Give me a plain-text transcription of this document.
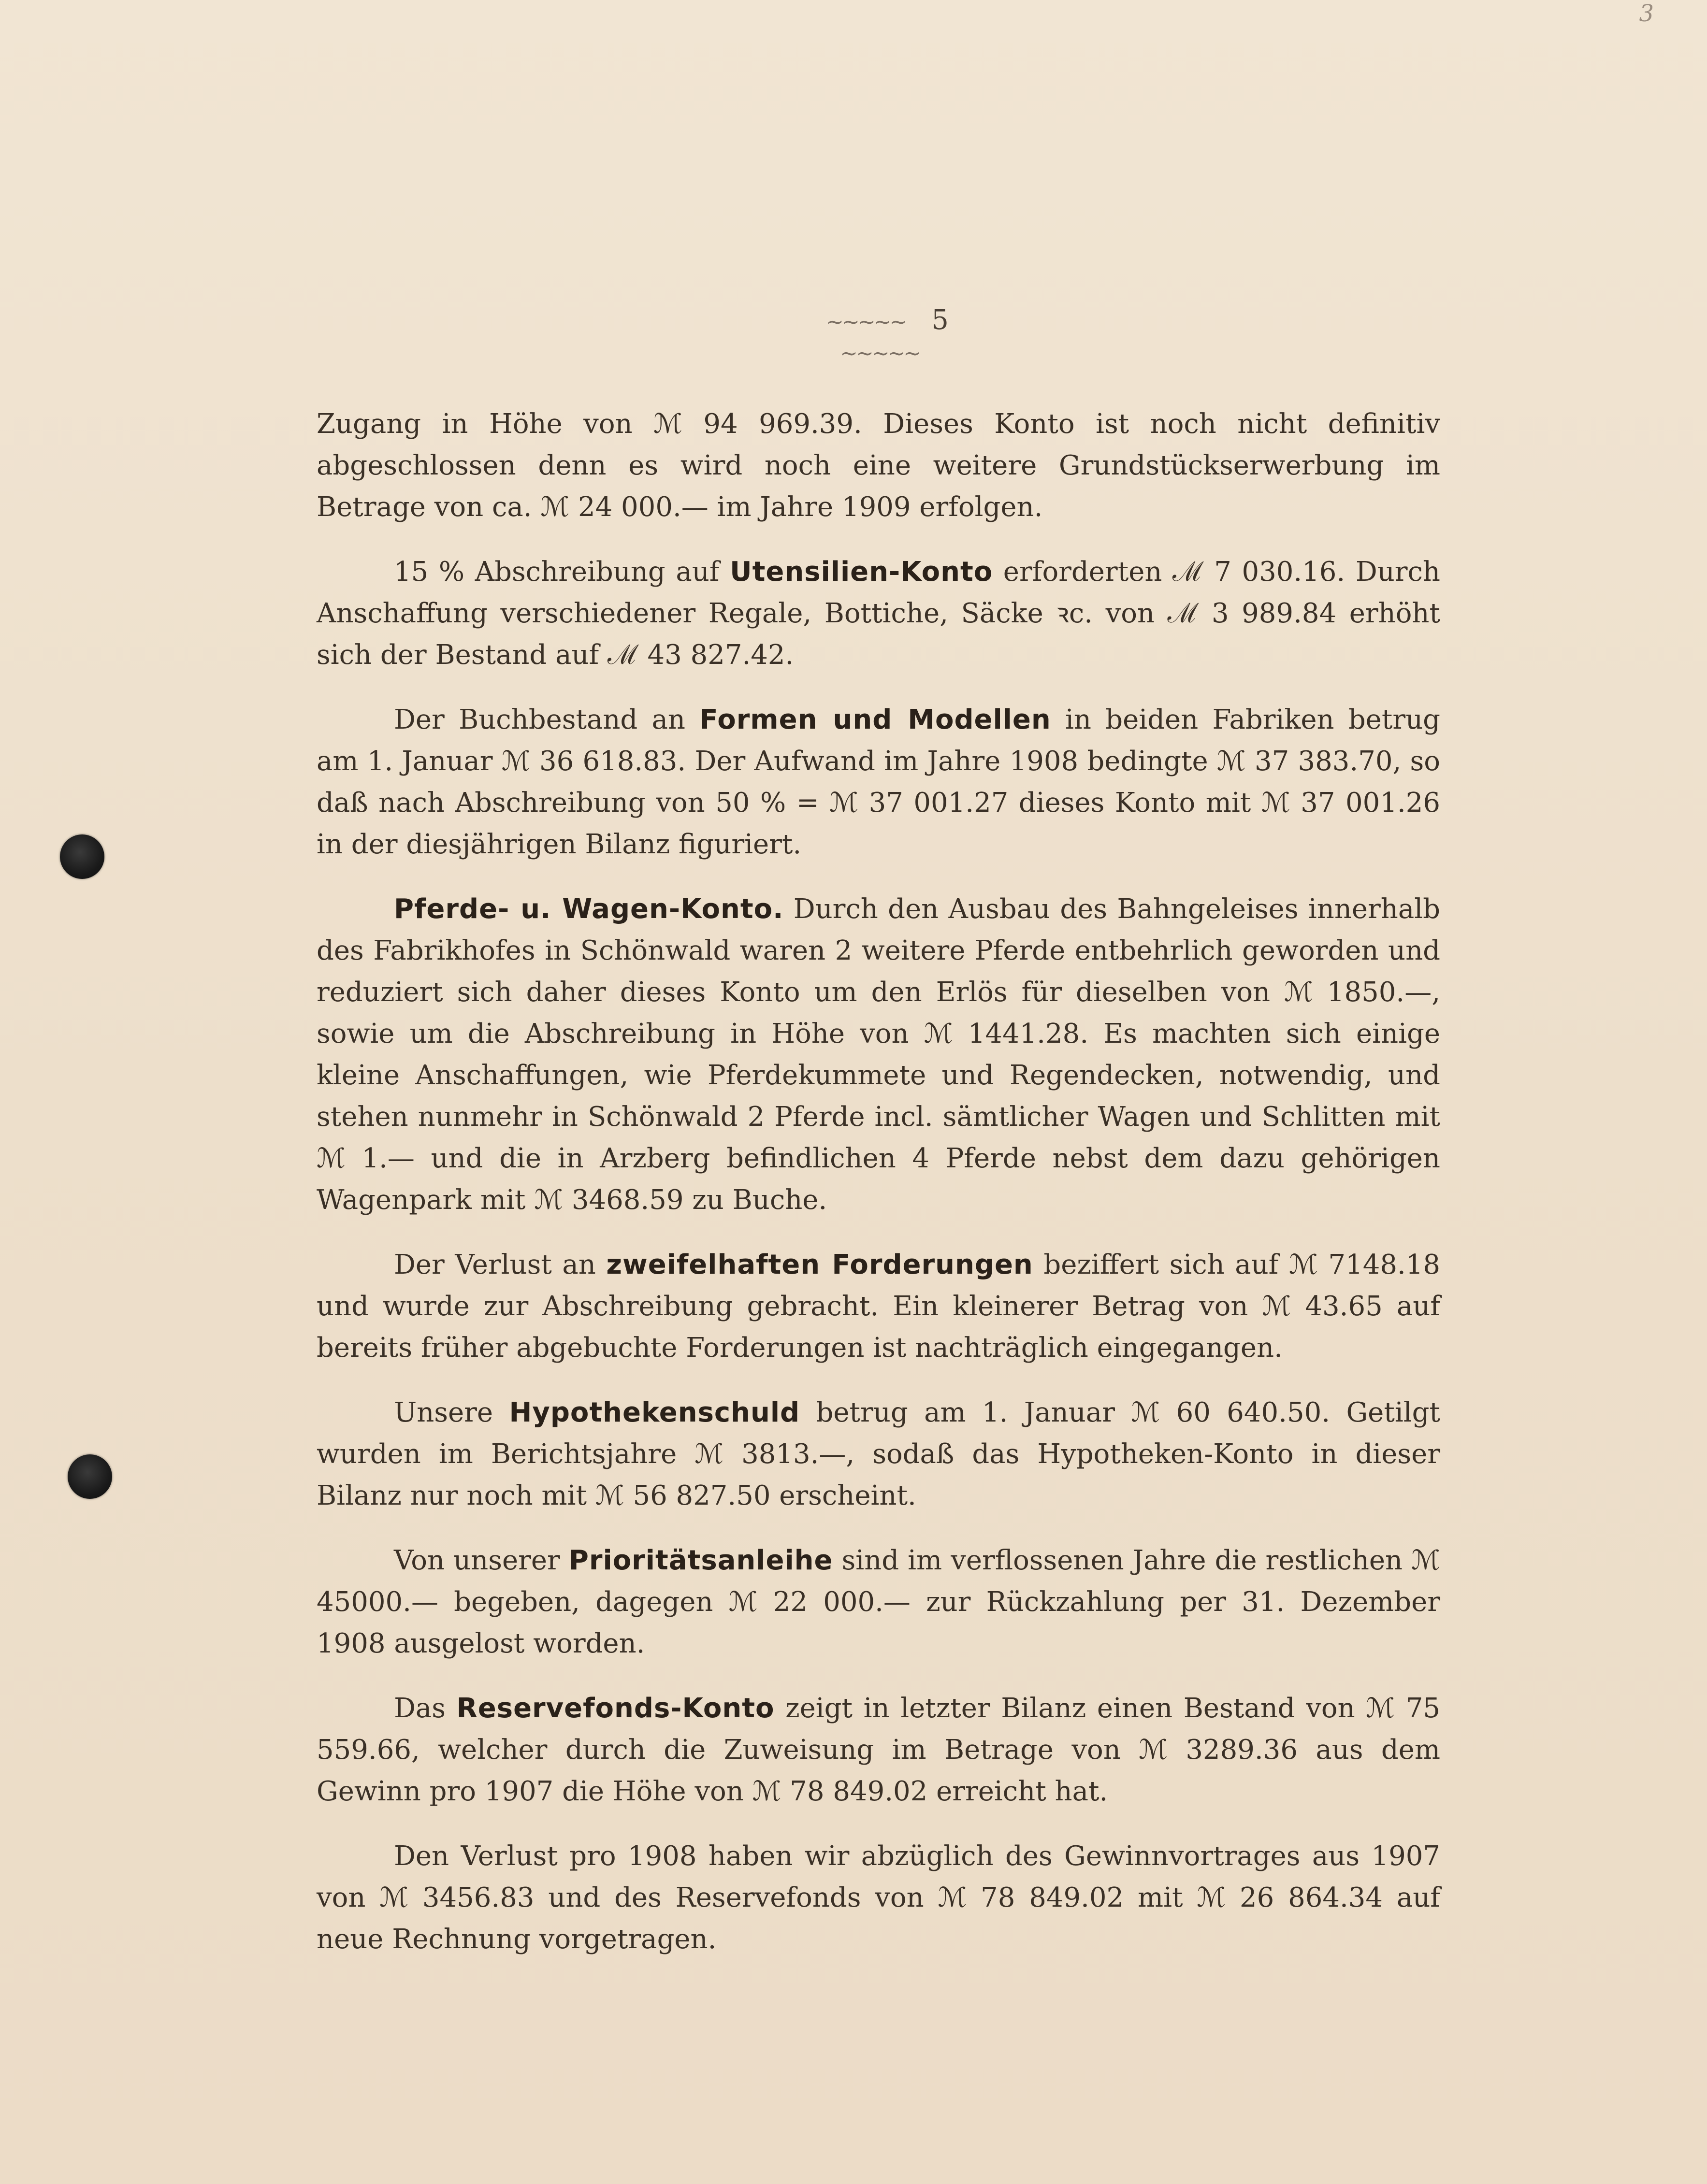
3
~~~~~ 5 ~~~~~

Zugang in Höhe von ℳ 94 969.39. Dieses Konto ist noch nicht definitiv abgeschlossen denn es wird noch eine weitere Grundstückserwerbung im Betrage von ca. ℳ 24 000.— im Jahre 1909 erfolgen.

15 % Abschreibung auf Utensilien-Konto erforderten ℳ 7 030.16. Durch Anschaffung verschiedener Regale, Bottiche, Säcke ꝛc. von ℳ 3 989.84 erhöht sich der Bestand auf ℳ 43 827.42.

Der Buchbestand an Formen und Modellen in beiden Fabriken betrug am 1. Januar ℳ 36 618.83. Der Aufwand im Jahre 1908 bedingte ℳ 37 383.70, so daß nach Abschreibung von 50 % = ℳ 37 001.27 dieses Konto mit ℳ 37 001.26 in der diesjährigen Bilanz figuriert.

Pferde- u. Wagen-Konto. Durch den Ausbau des Bahngeleises innerhalb des Fabrikhofes in Schönwald waren 2 weitere Pferde entbehrlich geworden und reduziert sich daher dieses Konto um den Erlös für dieselben von ℳ 1850.—, sowie um die Abschreibung in Höhe von ℳ 1441.28. Es machten sich einige kleine Anschaffungen, wie Pferdekummete und Regendecken, notwendig, und stehen nunmehr in Schönwald 2 Pferde incl. sämtlicher Wagen und Schlitten mit ℳ 1.— und die in Arzberg befindlichen 4 Pferde nebst dem dazu gehörigen Wagenpark mit ℳ 3468.59 zu Buche.

Der Verlust an zweifelhaften Forderungen beziffert sich auf ℳ 7148.18 und wurde zur Abschreibung gebracht. Ein kleinerer Betrag von ℳ 43.65 auf bereits früher abgebuchte Forderungen ist nachträglich eingegangen.

Unsere Hypothekenschuld betrug am 1. Januar ℳ 60 640.50. Getilgt wurden im Berichtsjahre ℳ 3813.—, sodaß das Hypotheken-Konto in dieser Bilanz nur noch mit ℳ 56 827.50 erscheint.

Von unserer Prioritätsanleihe sind im verflossenen Jahre die restlichen ℳ 45000.— begeben, dagegen ℳ 22 000.— zur Rückzahlung per 31. Dezember 1908 ausgelost worden.

Das Reservefonds-Konto zeigt in letzter Bilanz einen Bestand von ℳ 75 559.66, welcher durch die Zuweisung im Betrage von ℳ 3289.36 aus dem Gewinn pro 1907 die Höhe von ℳ 78 849.02 erreicht hat.

Den Verlust pro 1908 haben wir abzüglich des Gewinnvortrages aus 1907 von ℳ 3456.83 und des Reservefonds von ℳ 78 849.02 mit ℳ 26 864.34 auf neue Rechnung vorgetragen.
